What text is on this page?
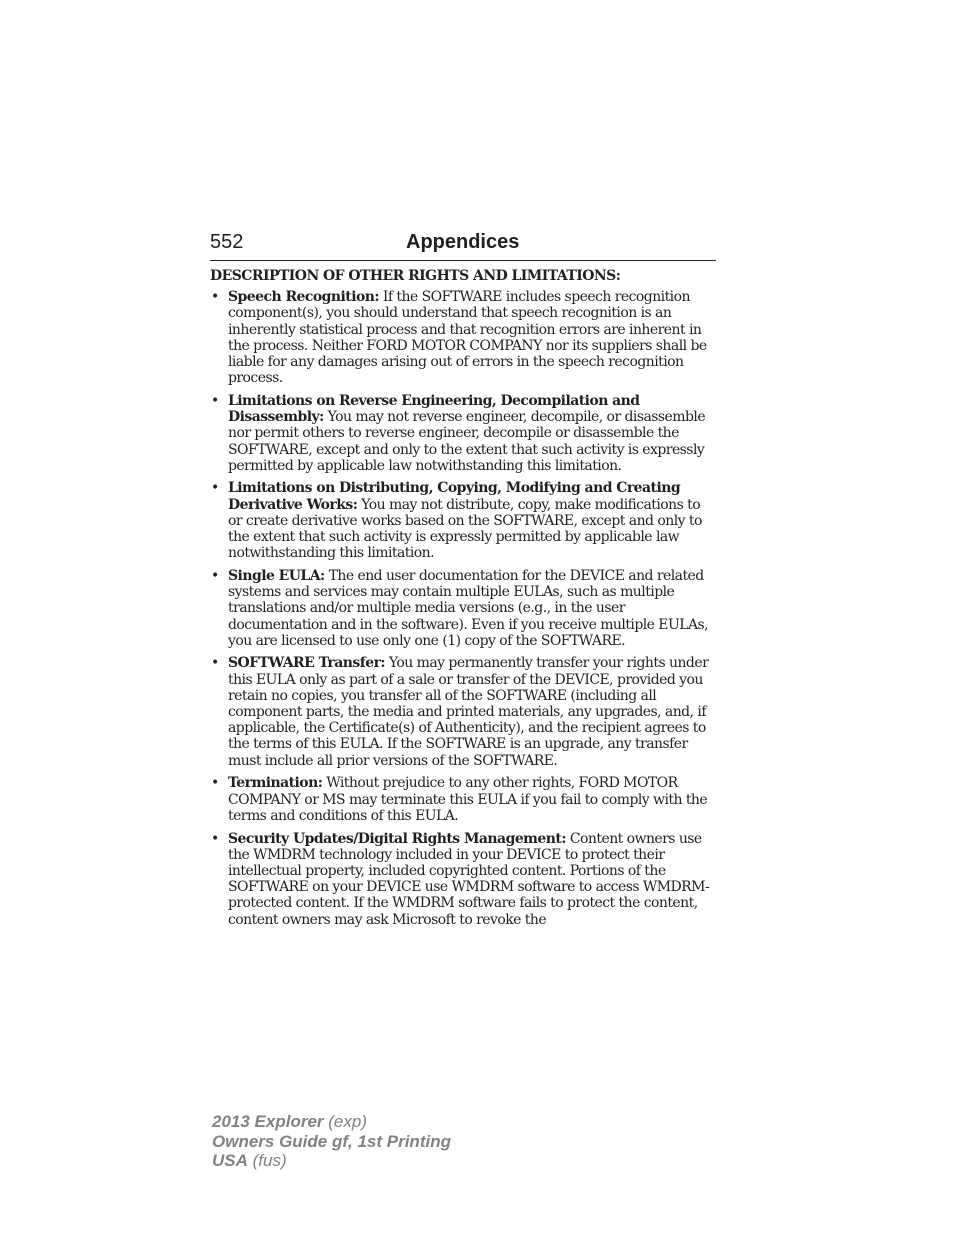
552	Appendices
DESCRIPTION OF OTHER RIGHTS AND LIMITATIONS:
• Speech Recognition: If the SOFTWARE includes speech recognition component(s), you should understand that speech recognition is an inherently statistical process and that recognition errors are inherent in the process. Neither FORD MOTOR COMPANY nor its suppliers shall be liable for any damages arising out of errors in the speech recognition process.
• Limitations on Reverse Engineering, Decompilation and Disassembly: You may not reverse engineer, decompile, or disassemble nor permit others to reverse engineer, decompile or disassemble the SOFTWARE, except and only to the extent that such activity is expressly permitted by applicable law notwithstanding this limitation.
• Limitations on Distributing, Copying, Modifying and Creating Derivative Works: You may not distribute, copy, make modifications to or create derivative works based on the SOFTWARE, except and only to the extent that such activity is expressly permitted by applicable law notwithstanding this limitation.
• Single EULA: The end user documentation for the DEVICE and related systems and services may contain multiple EULAs, such as multiple translations and/or multiple media versions (e.g., in the user documentation and in the software). Even if you receive multiple EULAs, you are licensed to use only one (1) copy of the SOFTWARE.
• SOFTWARE Transfer: You may permanently transfer your rights under this EULA only as part of a sale or transfer of the DEVICE, provided you retain no copies, you transfer all of the SOFTWARE (including all component parts, the media and printed materials, any upgrades, and, if applicable, the Certificate(s) of Authenticity), and the recipient agrees to the terms of this EULA. If the SOFTWARE is an upgrade, any transfer must include all prior versions of the SOFTWARE.
• Termination: Without prejudice to any other rights, FORD MOTOR COMPANY or MS may terminate this EULA if you fail to comply with the terms and conditions of this EULA.
• Security Updates/Digital Rights Management: Content owners use the WMDRM technology included in your DEVICE to protect their intellectual property, included copyrighted content. Portions of the SOFTWARE on your DEVICE use WMDRM software to access WMDRM-protected content. If the WMDRM software fails to protect the content, content owners may ask Microsoft to revoke the
2013 Explorer (exp)
Owners Guide gf, 1st Printing
USA (fus)
